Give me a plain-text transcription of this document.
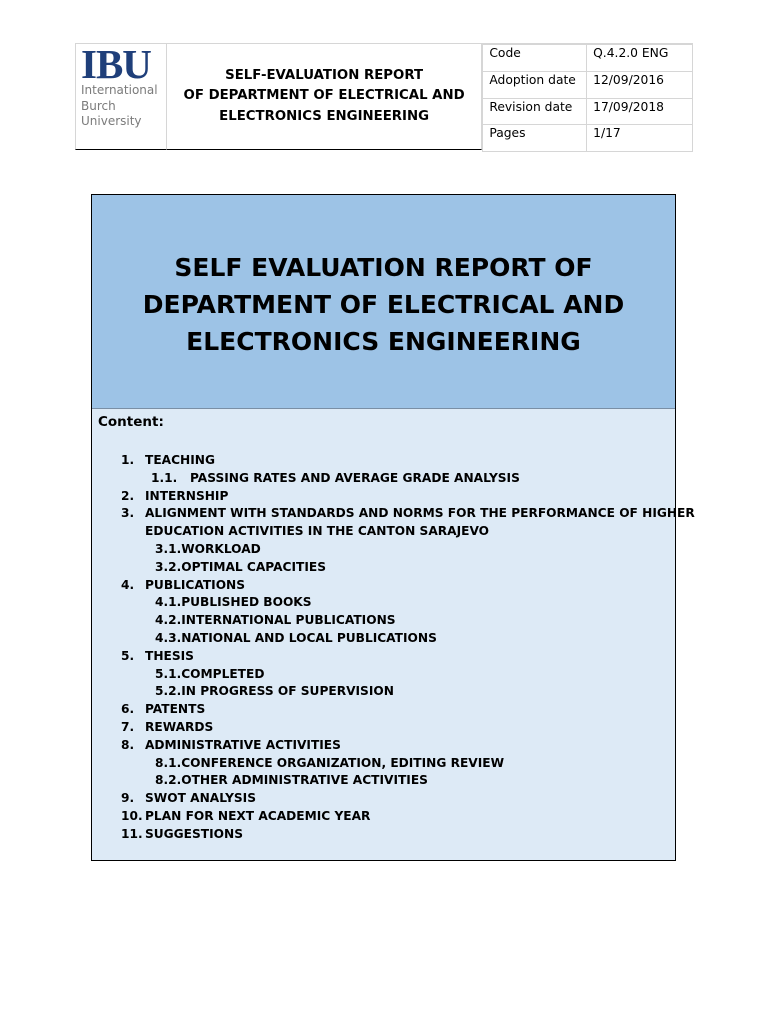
IBU
International
Burch
University
SELF-EVALUATION REPORT
OF DEPARTMENT OF ELECTRICAL AND
ELECTRONICS ENGINEERING
Code	Q.4.2.0 ENG
Adoption date	12/09/2016
Revision date	17/09/2018
Pages	1/17
SELF EVALUATION REPORT OF
DEPARTMENT OF ELECTRICAL AND
ELECTRONICS ENGINEERING
Content:
1. TEACHING
1.1. PASSING RATES AND AVERAGE GRADE ANALYSIS
2. INTERNSHIP
3. ALIGNMENT WITH STANDARDS AND NORMS FOR THE PERFORMANCE OF HIGHER
EDUCATION ACTIVITIES IN THE CANTON SARAJEVO
3.1.WORKLOAD
3.2.OPTIMAL CAPACITIES
4. PUBLICATIONS
4.1.PUBLISHED BOOKS
4.2.INTERNATIONAL PUBLICATIONS
4.3.NATIONAL AND LOCAL PUBLICATIONS
5. THESIS
5.1.COMPLETED
5.2.IN PROGRESS OF SUPERVISION
6. PATENTS
7. REWARDS
8. ADMINISTRATIVE ACTIVITIES
8.1.CONFERENCE ORGANIZATION, EDITING REVIEW
8.2.OTHER ADMINISTRATIVE ACTIVITIES
9. SWOT ANALYSIS
10. PLAN FOR NEXT ACADEMIC YEAR
11. SUGGESTIONS
